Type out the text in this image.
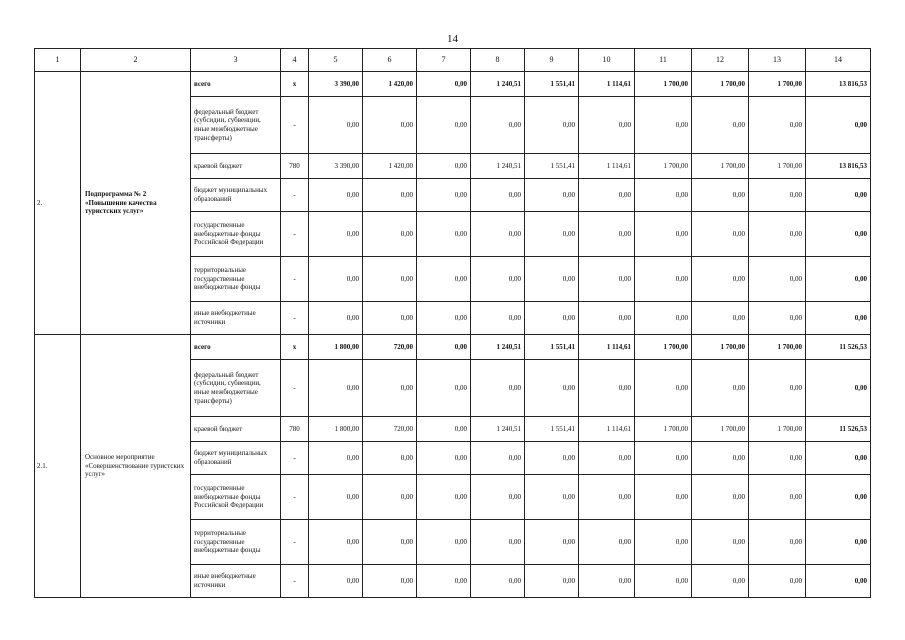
14
1	2	3	4	5	6	7	8	9	10	11	12	13	14
2.	Подпрограмма № 2 «Повышение качества туристских услуг»	всего	х	3 390,00	1 420,00	0,00	1 240,51	1 551,41	1 114,61	1 700,00	1 700,00	1 700,00	13 816,53
		федеральный бюджет (субсидии, субвенции, иные межбюджетные трансферты)	-	0,00	0,00	0,00	0,00	0,00	0,00	0,00	0,00	0,00	0,00
		краевой бюджет	780	3 390,00	1 420,00	0,00	1 240,51	1 551,41	1 114,61	1 700,00	1 700,00	1 700,00	13 816,53
		бюджет муниципальных образований	-	0,00	0,00	0,00	0,00	0,00	0,00	0,00	0,00	0,00	0,00
		государственные внебюджетные фонды Российской Федерации	-	0,00	0,00	0,00	0,00	0,00	0,00	0,00	0,00	0,00	0,00
		территориальные государственные внебюджетные фонды	-	0,00	0,00	0,00	0,00	0,00	0,00	0,00	0,00	0,00	0,00
		иные внебюджетные источники	-	0,00	0,00	0,00	0,00	0,00	0,00	0,00	0,00	0,00	0,00
2.1.	Основное мероприятие «Совершенствование туристских услуг»	всего	х	1 800,00	720,00	0,00	1 240,51	1 551,41	1 114,61	1 700,00	1 700,00	1 700,00	11 526,53
		федеральный бюджет (субсидии, субвенции, иные межбюджетные трансферты)	-	0,00	0,00	0,00	0,00	0,00	0,00	0,00	0,00	0,00	0,00
		краевой бюджет	780	1 800,00	720,00	0,00	1 240,51	1 551,41	1 114,61	1 700,00	1 700,00	1 700,00	11 526,53
		бюджет муниципальных образований	-	0,00	0,00	0,00	0,00	0,00	0,00	0,00	0,00	0,00	0,00
		государственные внебюджетные фонды Российской Федерации	-	0,00	0,00	0,00	0,00	0,00	0,00	0,00	0,00	0,00	0,00
		территориальные государственные внебюджетные фонды	-	0,00	0,00	0,00	0,00	0,00	0,00	0,00	0,00	0,00	0,00
		иные внебюджетные источники	-	0,00	0,00	0,00	0,00	0,00	0,00	0,00	0,00	0,00	0,00
